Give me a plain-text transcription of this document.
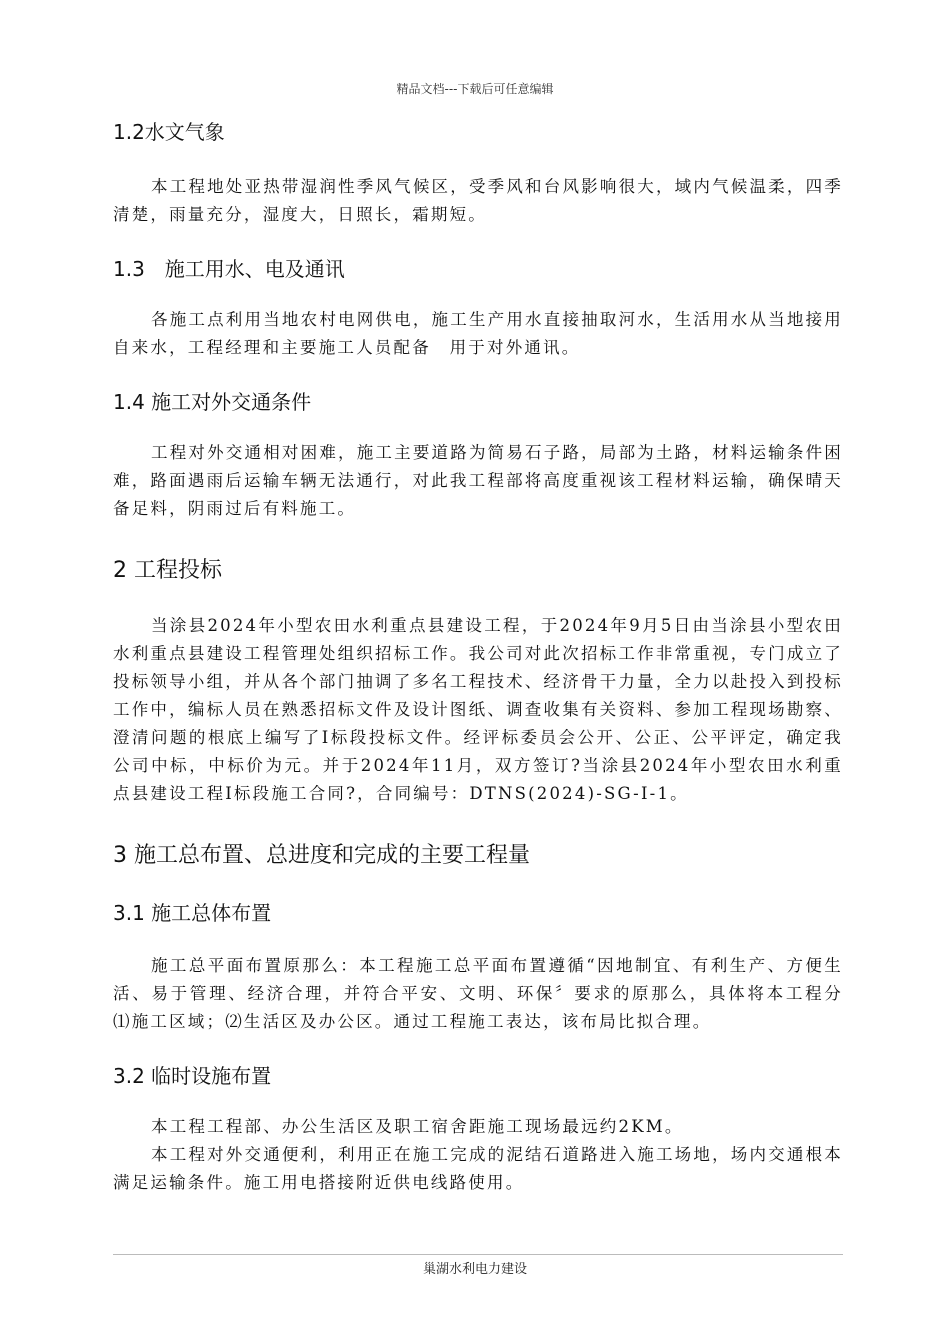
精品文档---下载后可任意编辑
1.2水文气象

本工程地处亚热带湿润性季风气候区，受季风和台风影响很大，域内气候温柔，四季清楚，雨量充分，湿度大，日照长，霜期短。

1.3　施工用水、电及通讯

各施工点利用当地农村电网供电，施工生产用水直接抽取河水，生活用水从当地接用自来水，工程经理和主要施工人员配备　用于对外通讯。

1.4 施工对外交通条件

工程对外交通相对困难，施工主要道路为简易石子路，局部为土路，材料运输条件困难，路面遇雨后运输车辆无法通行，对此我工程部将高度重视该工程材料运输，确保晴天备足料，阴雨过后有料施工。

2 工程投标

当涂县2024年小型农田水利重点县建设工程，于2024年9月5日由当涂县小型农田水利重点县建设工程管理处组织招标工作。我公司对此次招标工作非常重视，专门成立了投标领导小组，并从各个部门抽调了多名工程技术、经济骨干力量，全力以赴投入到投标工作中，编标人员在熟悉招标文件及设计图纸、调查收集有关资料、参加工程现场勘察、澄清问题的根底上编写了Ⅰ标段投标文件。经评标委员会公开、公正、公平评定，确定我公司中标，中标价为元。并于2024年11月，双方签订?当涂县2024年小型农田水利重点县建设工程Ⅰ标段施工合同?，合同编号：DTNS(2024)-SG-Ⅰ-1。

3 施工总布置、总进度和完成的主要工程量
3.1 施工总体布置

施工总平面布置原那么：本工程施工总平面布置遵循“因地制宜、有利生产、方便生活、易于管理、经济合理，并符合平安、文明、环保〞要求的原那么，具体将本工程分 ⑴施工区域；⑵生活区及办公区。通过工程施工表达，该布局比拟合理。

3.2 临时设施布置

本工程工程部、办公生活区及职工宿舍距施工现场最远约2KM。

本工程对外交通便利，利用正在施工完成的泥结石道路进入施工场地，场内交通根本满足运输条件。施工用电搭接附近供电线路使用。

巢湖水利电力建设
